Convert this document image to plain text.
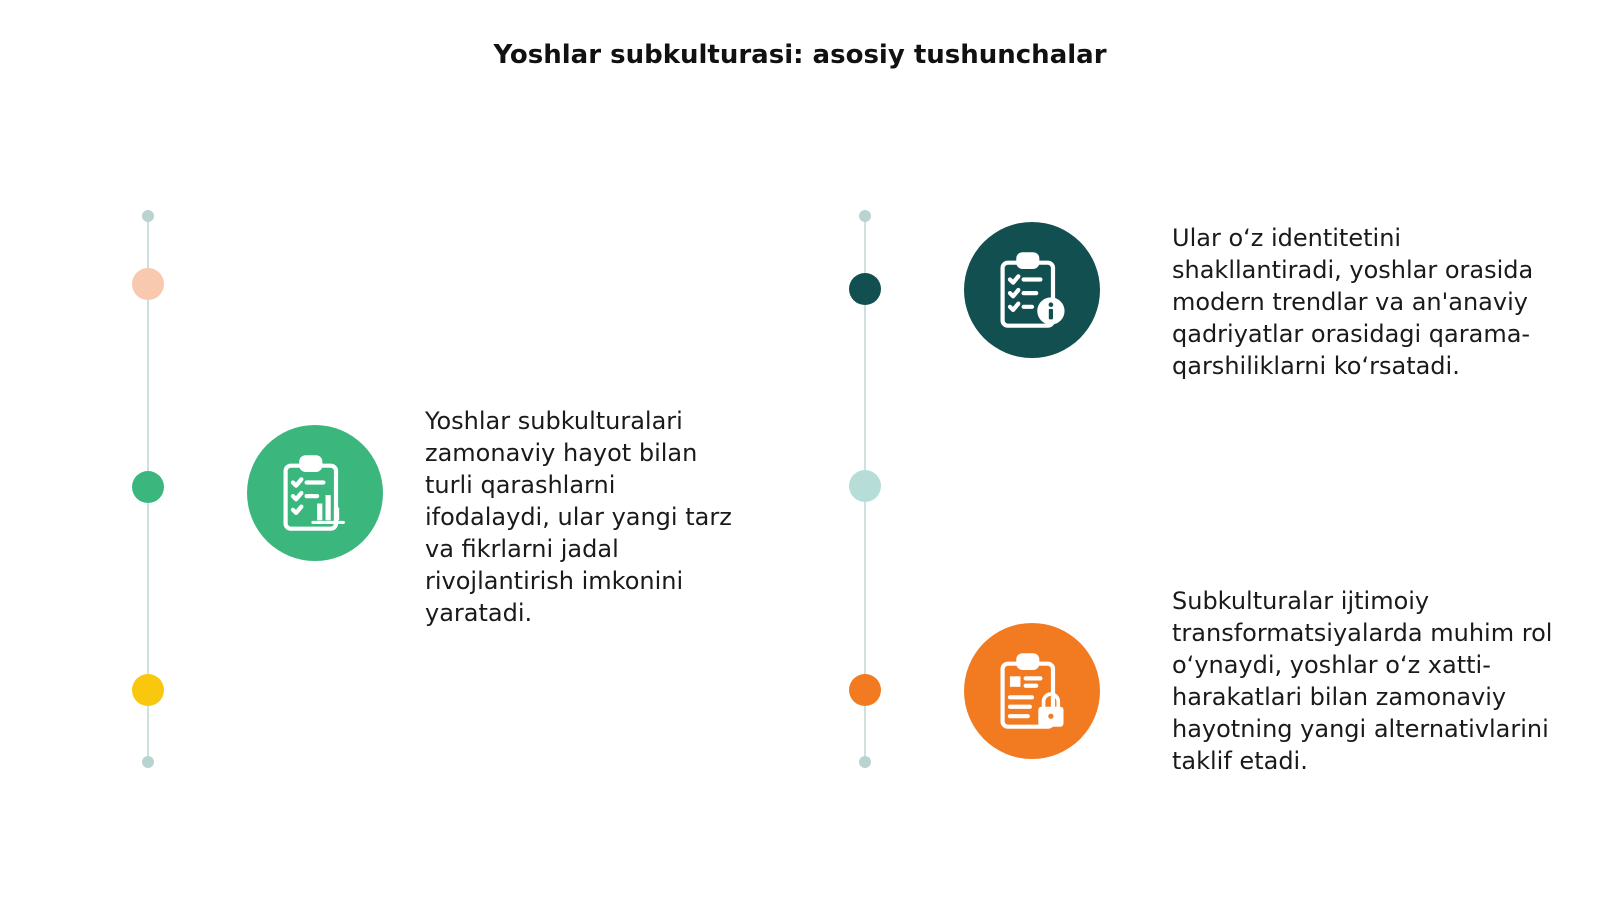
Yoshlar subkulturasi: asosiy tushunchalar

Yoshlar subkulturalari zamonaviy hayot bilan turli qarashlarni ifodalaydi, ular yangi tarz va fikrlarni jadal rivojlantirish imkonini yaratadi.

Ular o‘z identitetini shakllantiradi, yoshlar orasida modern trendlar va an'anaviy qadriyatlar orasidagi qarama-qarshiliklarni ko‘rsatadi.

Subkulturalar ijtimoiy transformatsiyalarda muhim rol o‘ynaydi, yoshlar o‘z xatti-harakatlari bilan zamonaviy hayotning yangi alternativlarini taklif etadi.
